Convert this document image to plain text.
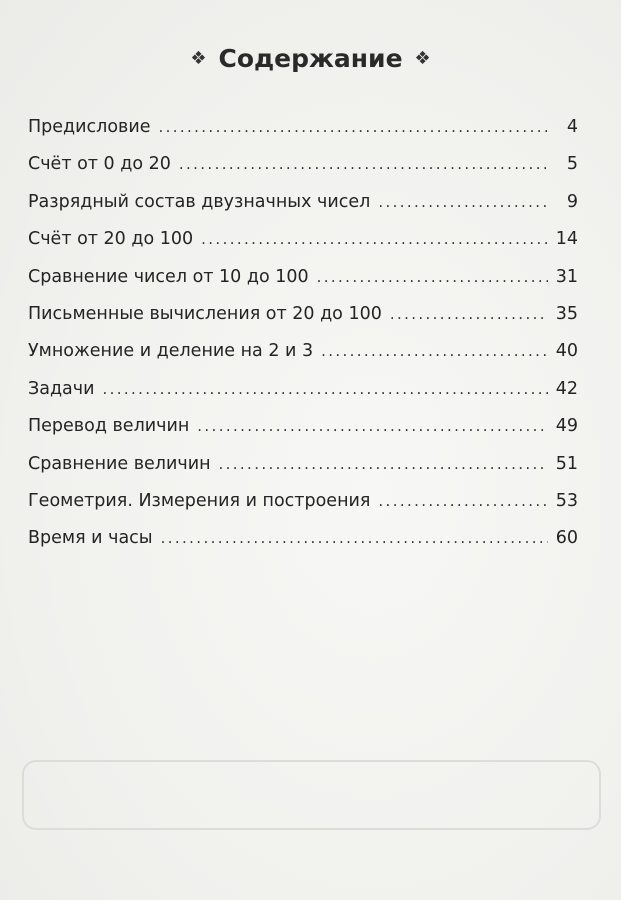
❖ Содержание ❖
Предисловие . . .	4
Счёт от 0 до 20 . . .	5
Разрядный состав двузначных чисел . . .	9
Счёт от 20 до 100 . . .	14
Сравнение чисел от 10 до 100 . . .	31
Письменные вычисления от 20 до 100 . . .	35
Умножение и деление на 2 и 3 . . .	40
Задачи . . .	42
Перевод величин . . .	49
Сравнение величин . . .	51
Геометрия. Измерения и построения . . .	53
Время и часы . . .	60
